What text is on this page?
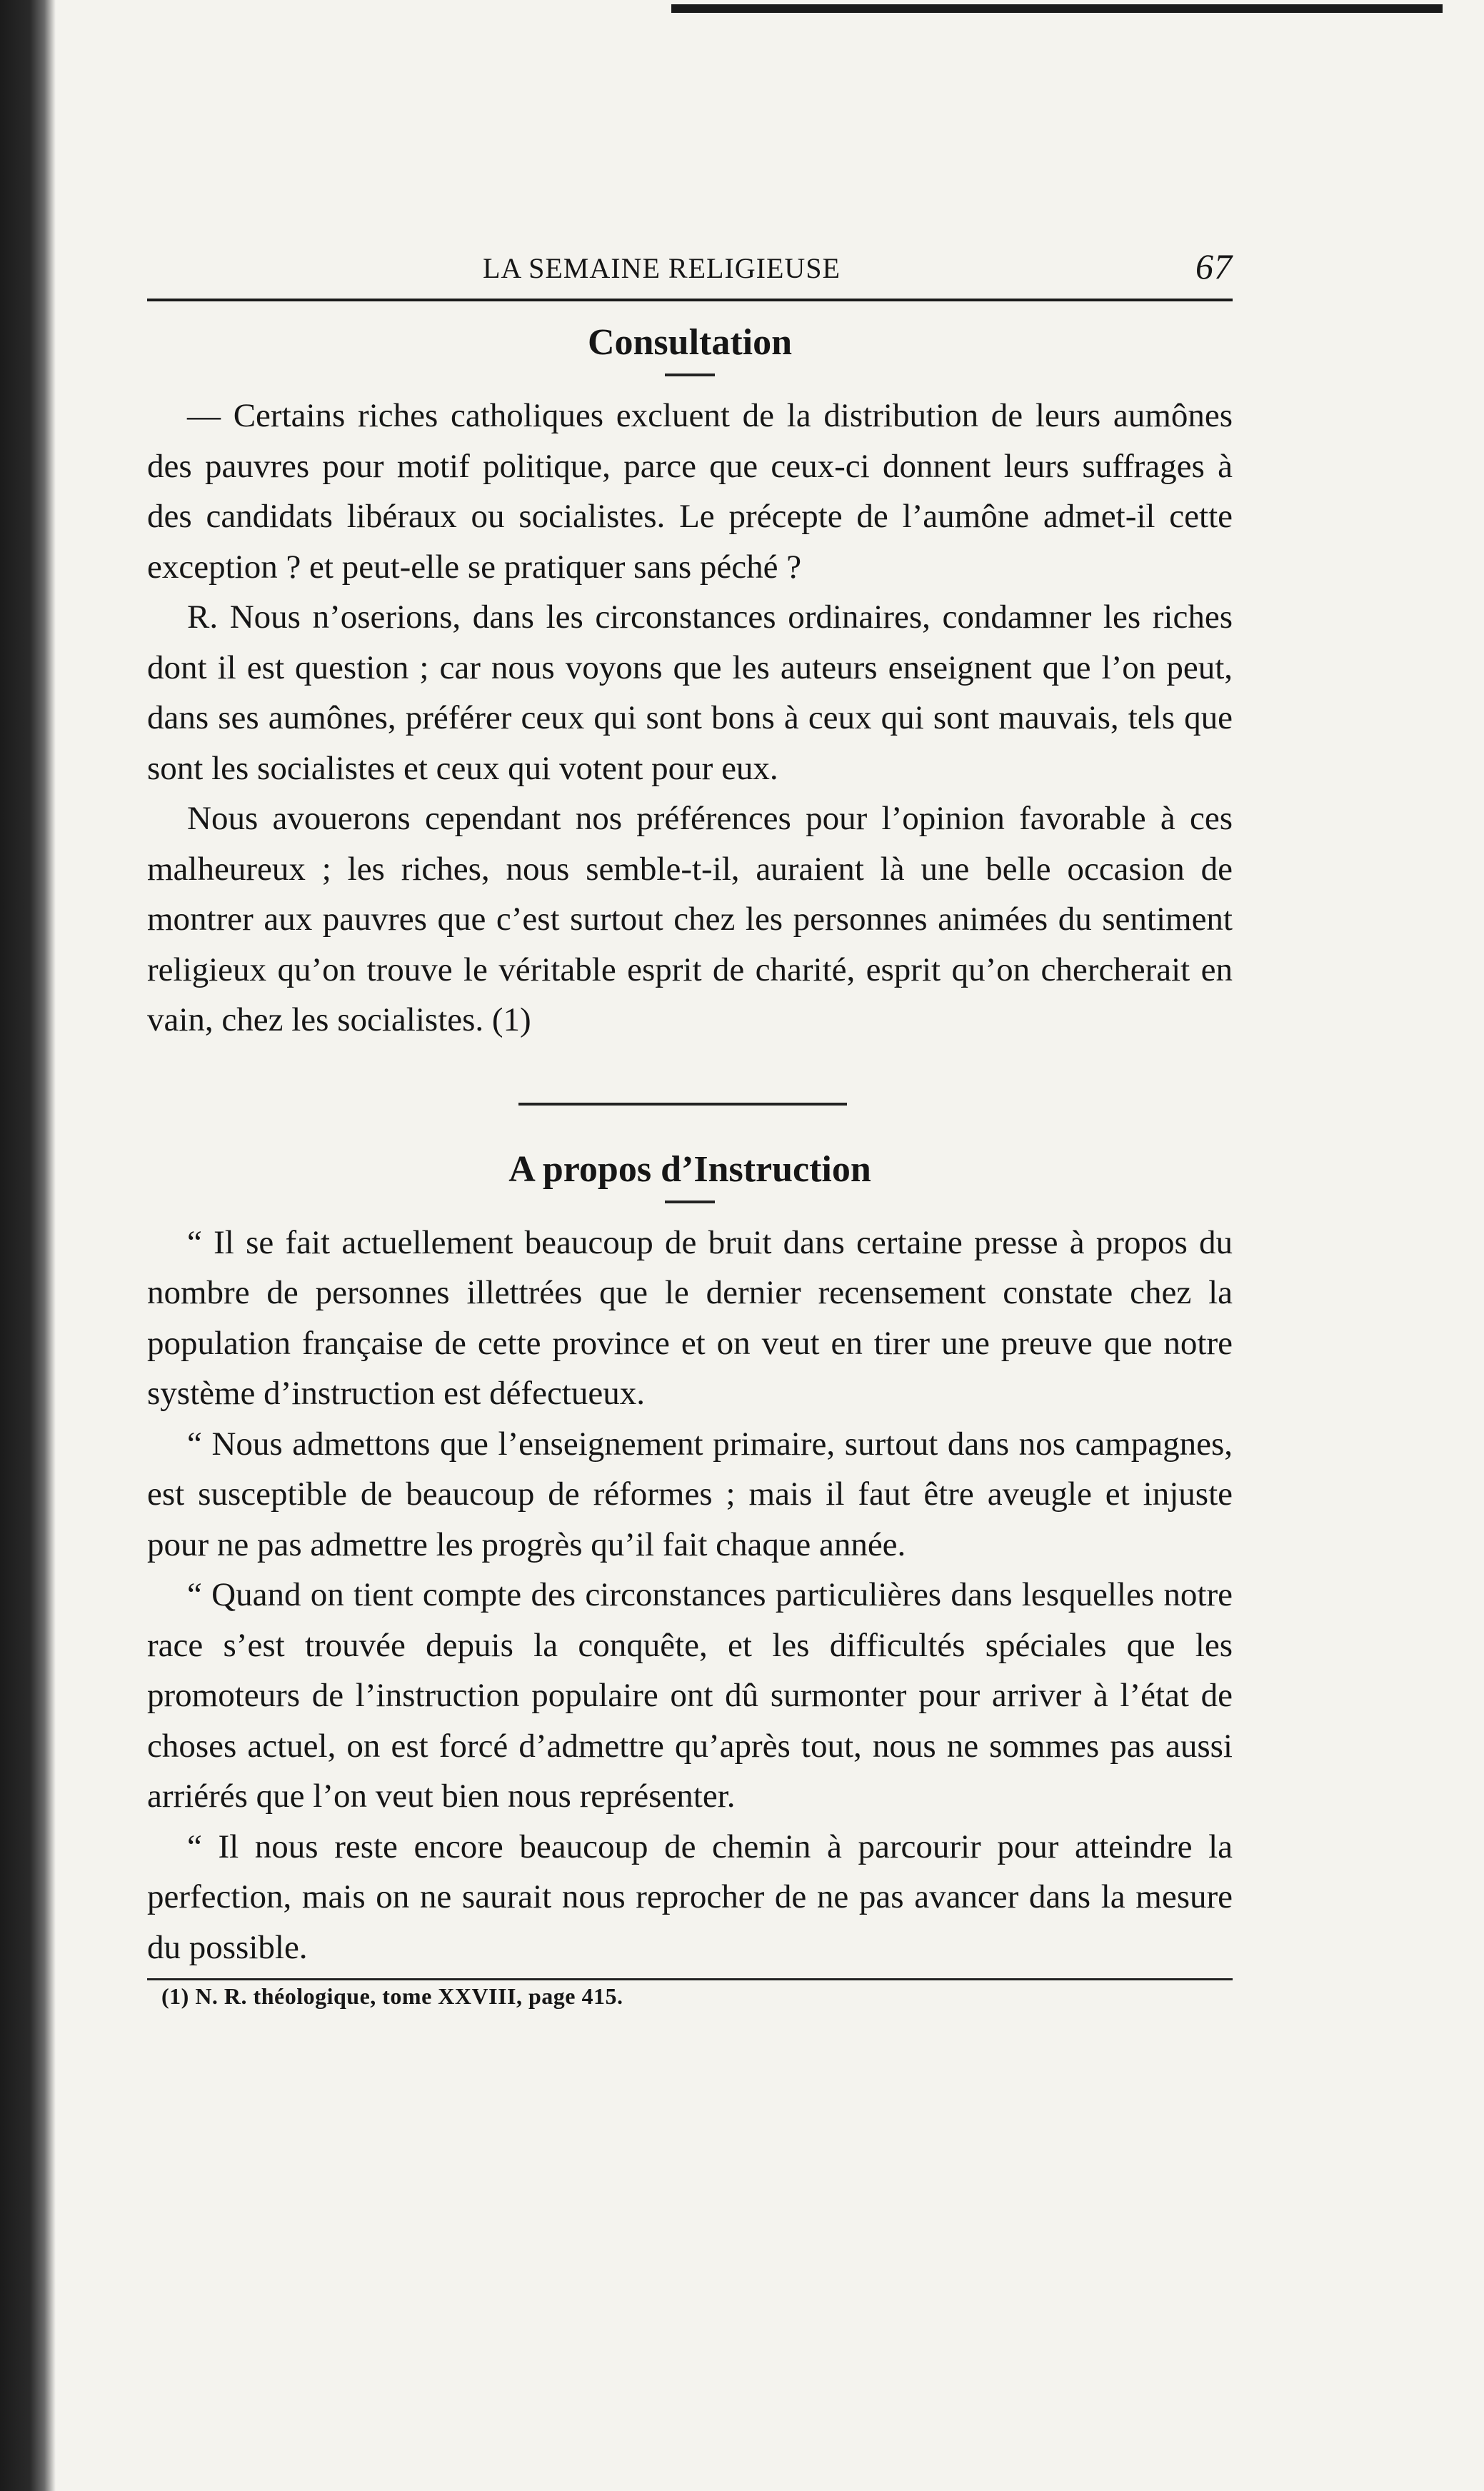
LA SEMAINE RELIGIEUSE	67
Consultation

— Certains riches catholiques excluent de la distribution de leurs aumônes des pauvres pour motif politique, parce que ceux-ci donnent leurs suffrages à des candidats libéraux ou socialistes. Le précepte de l’aumône admet-il cette exception ? et peut-elle se pratiquer sans péché ?

R. Nous n’oserions, dans les circonstances ordinaires, condamner les riches dont il est question ; car nous voyons que les auteurs enseignent que l’on peut, dans ses aumônes, préférer ceux qui sont bons à ceux qui sont mauvais, tels que sont les socialistes et ceux qui votent pour eux.

Nous avouerons cependant nos préférences pour l’opinion favorable à ces malheureux ; les riches, nous semble-t-il, auraient là une belle occasion de montrer aux pauvres que c’est surtout chez les personnes animées du sentiment religieux qu’on trouve le véritable esprit de charité, esprit qu’on chercherait en vain, chez les socialistes. (1)

A propos d’Instruction

“ Il se fait actuellement beaucoup de bruit dans certaine presse à propos du nombre de personnes illettrées que le dernier recensement constate chez la population française de cette province et on veut en tirer une preuve que notre système d’instruction est défectueux.

“ Nous admettons que l’enseignement primaire, surtout dans nos campagnes, est susceptible de beaucoup de réformes ; mais il faut être aveugle et injuste pour ne pas admettre les progrès qu’il fait chaque année.

“ Quand on tient compte des circonstances particulières dans lesquelles notre race s’est trouvée depuis la conquête, et les difficultés spéciales que les promoteurs de l’instruction populaire ont dû surmonter pour arriver à l’état de choses actuel, on est forcé d’admettre qu’après tout, nous ne sommes pas aussi arriérés que l’on veut bien nous représenter.

“ Il nous reste encore beaucoup de chemin à parcourir pour atteindre la perfection, mais on ne saurait nous reprocher de ne pas avancer dans la mesure du possible.

(1) N. R. théologique, tome XXVIII, page 415.
